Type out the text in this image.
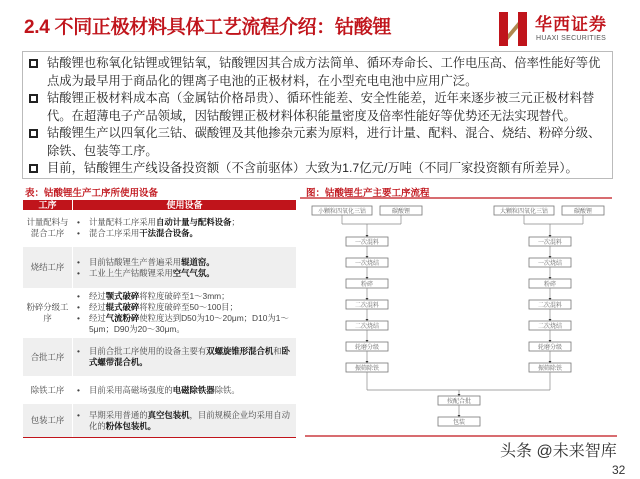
2.4 不同正极材料具体工艺流程介绍：钴酸锂	华西证券
HUAXI SECURITIES
钴酸锂也称氧化钴锂或锂钴氧，钴酸锂因其合成方法简单、循环寿命长、工作电压高、倍率性能好等优点成为最早用于商品化的锂离子电池的正极材料，在小型充电电池中应用广泛。
钴酸锂正极材料成本高（金属钴价格昂贵）、循环性能差、安全性能差，近年来逐步被三元正极材料替代。在超薄电子产品领域，因钴酸锂正极材料体积能量密度及倍率性能好等优势还无法实现替代。
钴酸锂生产以四氧化三钴、碳酸锂及其他掺杂元素为原料，进行计量、配料、混合、烧结、粉碎分级、除铁、包装等工序。
目前，钴酸锂生产线设备投资额（不含前驱体）大致为1.7亿元/万吨（不同厂家投资额有所差异）。
表：钴酸锂生产工序所使用设备
工序	使用设备
计量配料与混合工序
•	计量配料工序采用自动计量与配料设备；
•	混合工序采用干法混合设备。
烧结工序
•	目前钴酸锂生产普遍采用辊道窑。
•	工业上生产钴酸锂采用空气气氛。
粉碎分级工序
•	经过颚式破碎将粒度破碎至1～3mm；
•	经过辊式破碎将粒度破碎至50～100目；
•	经过气流粉碎使粒度达到D50为10～20μm；D10为1～5μm；D90为20～30μm。
合批工序
•	目前合批工序使用的设备主要有双螺旋锥形混合机和卧式螺带混合机。
除铁工序	•	目前采用高磁场强度的电磁除铁器除铁。
包装工序
•	早期采用普通的真空包装机，目前规模企业均采用自动化的粉体包装机。
图：钴酸锂生产主要工序流程
小颗粒四氧化三钴	碳酸锂
一次混料
一次烧结
粉碎
二次混料
二次烧结
轮磨分级
振筛除铁
大颗粒四氧化三钴	碳酸锂
一次混料
一次烧结
粉碎
二次混料
二次烧结
轮磨分级
振筛除铁
按配合批
包装
头条 @未来智库
32
